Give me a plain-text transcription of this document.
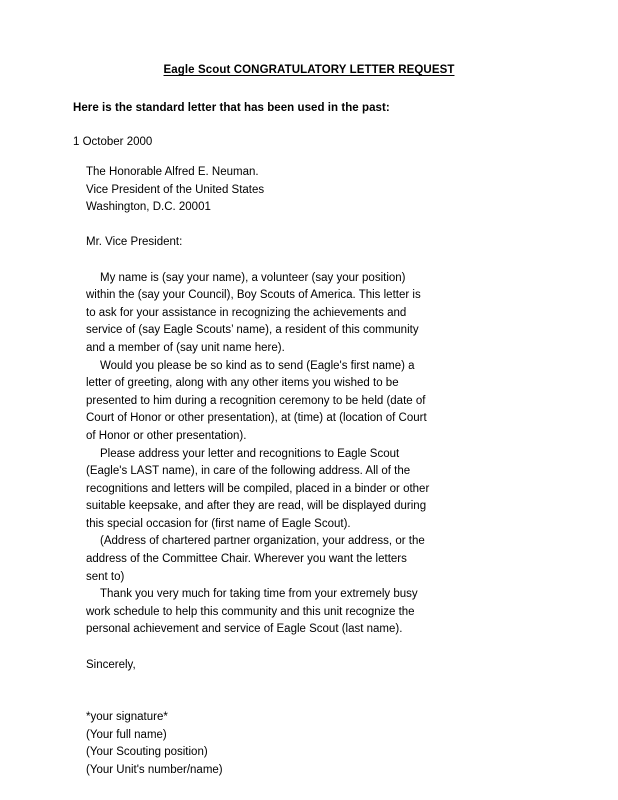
Eagle Scout CONGRATULATORY LETTER REQUEST
Here is the standard letter that has been used in the past:
1 October 2000
The Honorable Alfred E. Neuman.
Vice President of the United States
Washington, D.C. 20001
Mr. Vice President:

My name is (say your name), a volunteer (say your position) within the (say your Council), Boy Scouts of America. This letter is to ask for your assistance in recognizing the achievements and service of (say Eagle Scouts’ name), a resident of this community and a member of (say unit name here).

Would you please be so kind as to send (Eagle's first name) a letter of greeting, along with any other items you wished to be presented to him during a recognition ceremony to be held (date of Court of Honor or other presentation), at (time) at (location of Court of Honor or other presentation).

Please address your letter and recognitions to Eagle Scout (Eagle's LAST name), in care of the following address. All of the recognitions and letters will be compiled, placed in a binder or other suitable keepsake, and after they are read, will be displayed during this special occasion for (first name of Eagle Scout).

(Address of chartered partner organization, your address, or the address of the Committee Chair. Wherever you want the letters sent to)

Thank you very much for taking time from your extremely busy work schedule to help this community and this unit recognize the personal achievement and service of Eagle Scout (last name).

Sincerely,
*your signature*
(Your full name)
(Your Scouting position)
(Your Unit's number/name)
